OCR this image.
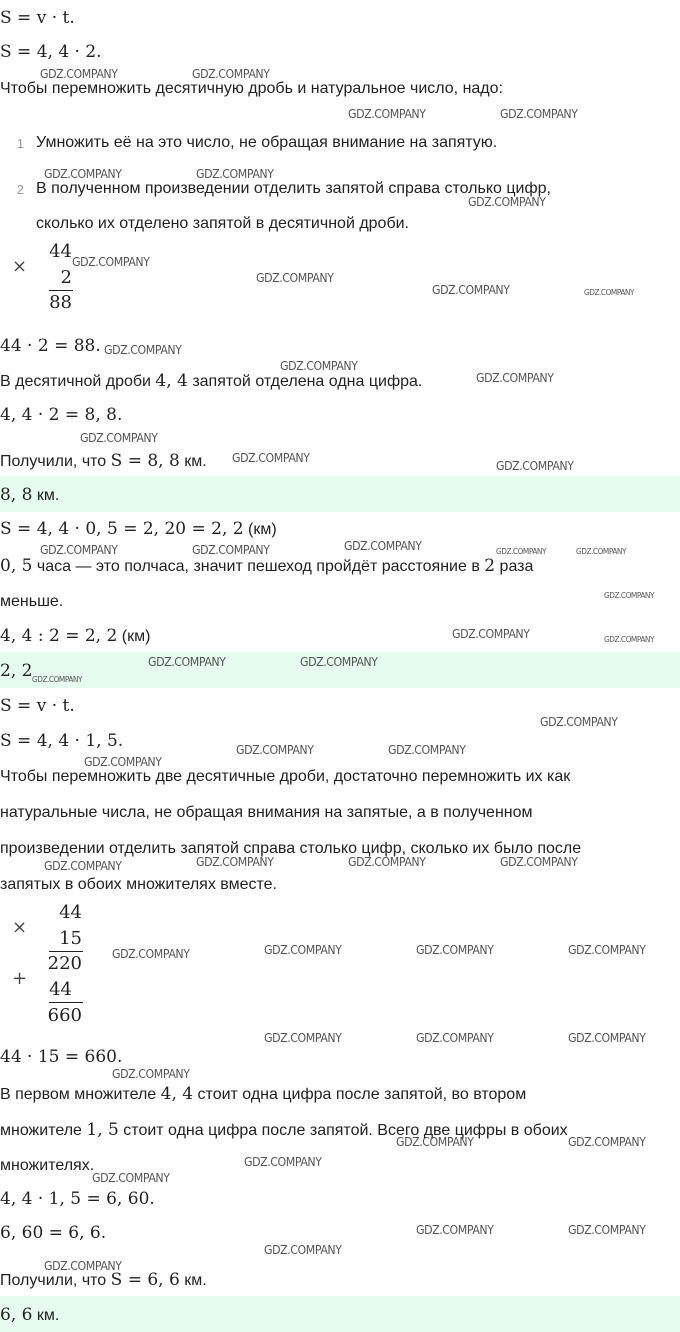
S = v · t.
S = 4, 4 · 2.
Чтобы перемножить десятичную дробь и натуральное число, надо:
1 Умножить её на это число, не обращая внимание на запятую.
2 В полученном произведении отделить запятой справа столько цифр,
сколько их отделено запятой в десятичной дроби.
×
44
2
88
44 · 2 = 88.
В десятичной дроби 4, 4 запятой отделена одна цифра.
4, 4 · 2 = 8, 8.
Получили, что S = 8, 8 км.
8, 8 км.
S = 4, 4 · 0, 5 = 2, 20 = 2, 2 (км)
0, 5 часа — это полчаса, значит пешеход пройдёт расстояние в 2 раза
меньше.
4, 4 : 2 = 2, 2 (км)
2, 2
S = v · t.
S = 4, 4 · 1, 5.
Чтобы перемножить две десятичные дроби, достаточно перемножить их как
натуральные числа, не обращая внимания на запятые, а в полученном
произведении отделить запятой справа столько цифр, сколько их было после
запятых в обоих множителях вместе.
×
44
15
220
+
44
660
44 · 15 = 660.
В первом множителе 4, 4 стоит одна цифра после запятой, во втором
множителе 1, 5 стоит одна цифра после запятой. Всего две цифры в обоих
множителях.
4, 4 · 1, 5 = 6, 60.
6, 60 = 6, 6.
Получили, что S = 6, 6 км.
6, 6 км.
GDZ.COMPANY	GDZ.COMPANY
GDZ.COMPANY	GDZ.COMPANY
GDZ.COMPANY	GDZ.COMPANY
GDZ.COMPANY
GDZ.COMPANY
GDZ.COMPANY
GDZ.COMPANY	GDZ.COMPANY
GDZ.COMPANY
GDZ.COMPANY
GDZ.COMPANY
GDZ.COMPANY
GDZ.COMPANY
GDZ.COMPANY
GDZ.COMPANY	GDZ.COMPANY	GDZ.COMPANY	GDZ.COMPANY	GDZ.COMPANY
GDZ.COMPANY
GDZ.COMPANY	GDZ.COMPANY
GDZ.COMPANY	GDZ.COMPANY
GDZ.COMPANY
GDZ.COMPANY
GDZ.COMPANY	GDZ.COMPANY
GDZ.COMPANY
GDZ.COMPANY	GDZ.COMPANY	GDZ.COMPANY
GDZ.COMPANY
GDZ.COMPANY	GDZ.COMPANY	GDZ.COMPANY
GDZ.COMPANY
GDZ.COMPANY	GDZ.COMPANY	GDZ.COMPANY
GDZ.COMPANY
GDZ.COMPANY	GDZ.COMPANY
GDZ.COMPANY
GDZ.COMPANY
GDZ.COMPANY	GDZ.COMPANY
GDZ.COMPANY
GDZ.COMPANY
